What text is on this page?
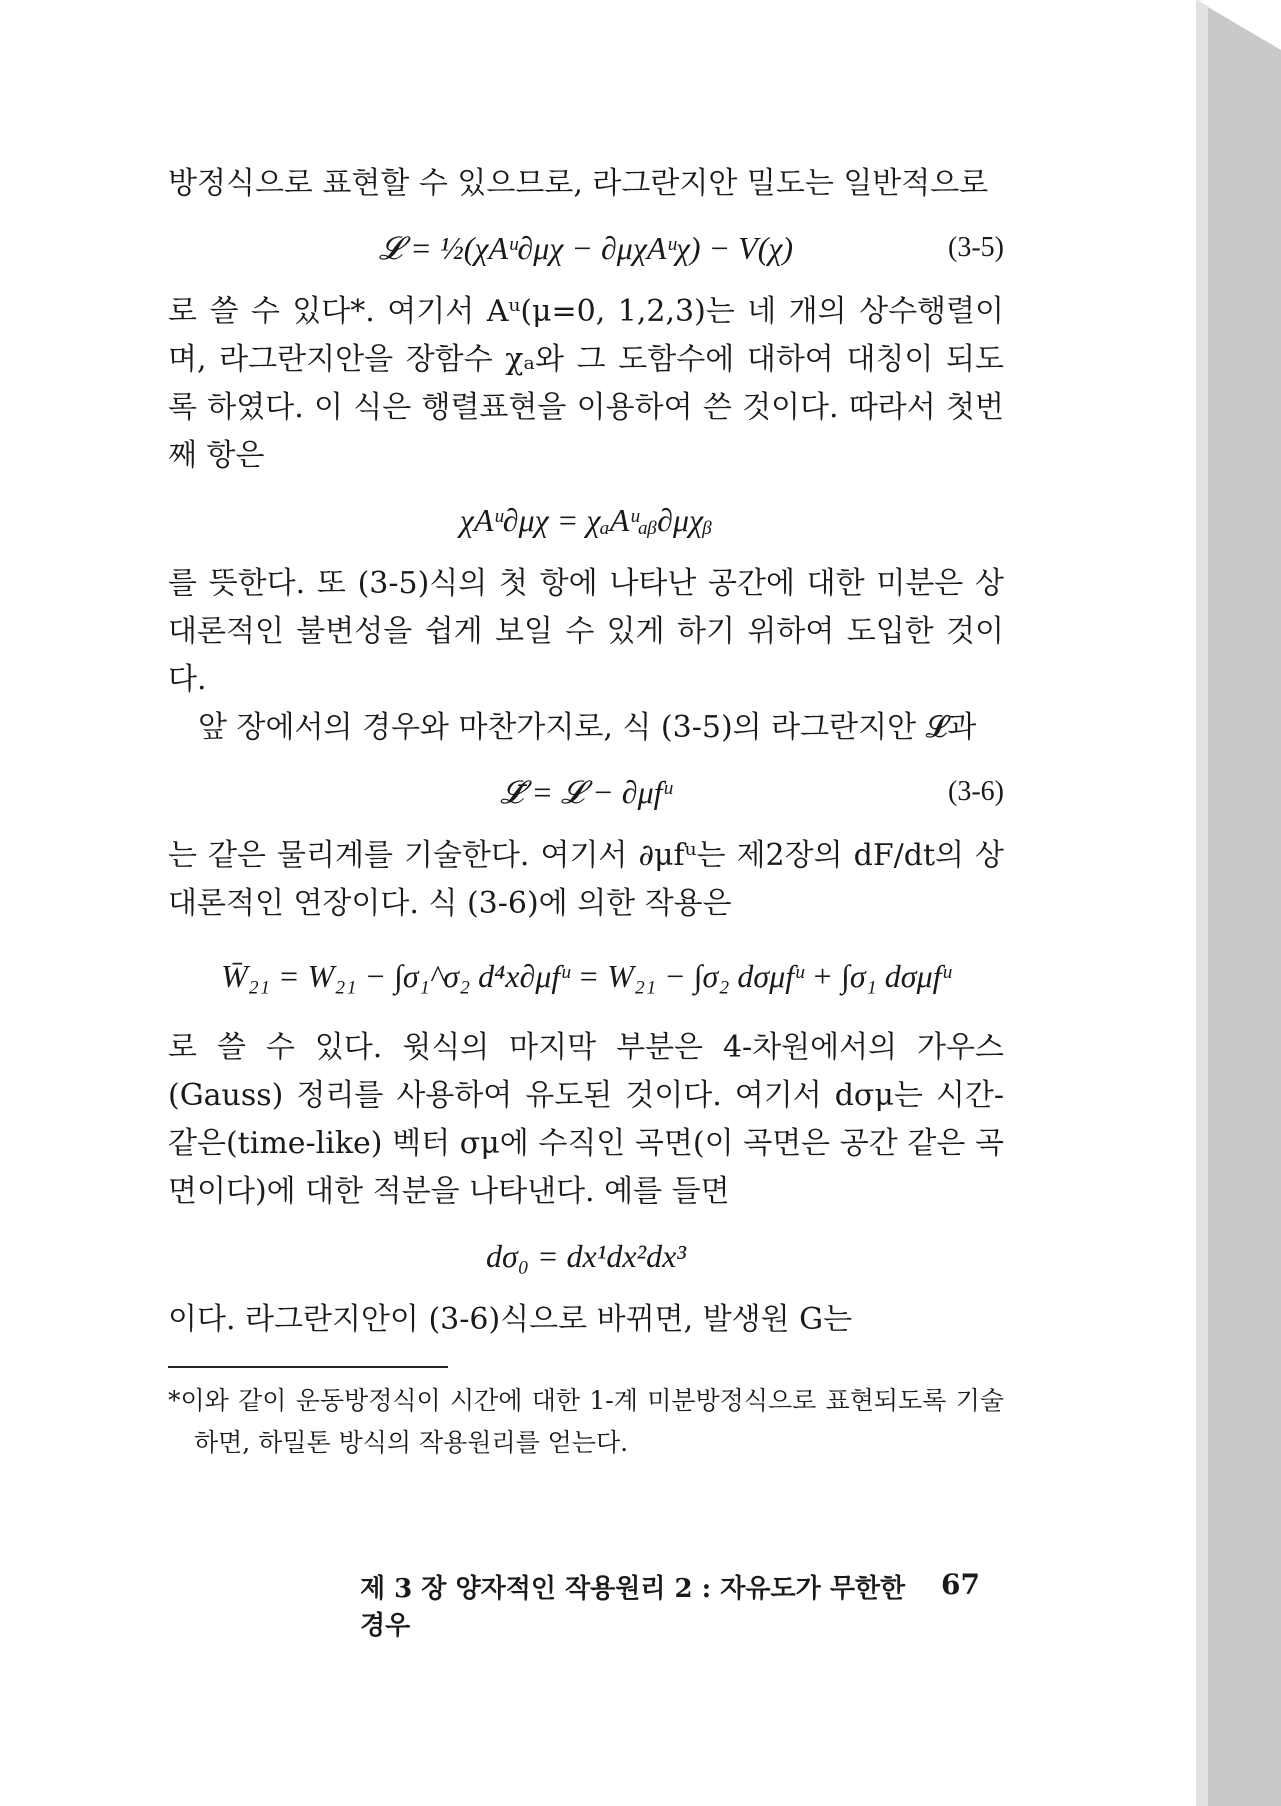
방정식으로 표현할 수 있으므로, 라그란지안 밀도는 일반적으로

𝓛 = ½(χAᵘ∂μχ − ∂μχAᵘχ) − V(χ)	(3-5)

로 쓸 수 있다*. 여기서 Aᵘ(μ=0, 1,2,3)는 네 개의 상수행렬이며, 라그란지안을 장함수 χₐ와 그 도함수에 대하여 대칭이 되도록 하였다. 이 식은 행렬표현을 이용하여 쓴 것이다. 따라서 첫번째 항은

χAᵘ∂μχ = χₐAᵘₐᵦ∂μχᵦ

를 뜻한다. 또 (3-5)식의 첫 항에 나타난 공간에 대한 미분은 상대론적인 불변성을 쉽게 보일 수 있게 하기 위하여 도입한 것이다.

앞 장에서의 경우와 마찬가지로, 식 (3-5)의 라그란지안 𝓛과

𝓛̄ = 𝓛 − ∂μfᵘ	(3-6)

는 같은 물리계를 기술한다. 여기서 ∂μfᵘ는 제2장의 dF/dt의 상대론적인 연장이다. 식 (3-6)에 의한 작용은

W̄₂₁ = W₂₁ − ∫σ₁^σ₂ d⁴x∂μfᵘ = W₂₁ − ∫σ₂ dσμfᵘ + ∫σ₁ dσμfᵘ

로 쓸 수 있다. 윗식의 마지막 부분은 4-차원에서의 가우스(Gauss) 정리를 사용하여 유도된 것이다. 여기서 dσμ는 시간-같은(time-like) 벡터 σμ에 수직인 곡면(이 곡면은 공간 같은 곡면이다)에 대한 적분을 나타낸다. 예를 들면

dσ₀ = dx¹dx²dx³

이다. 라그란지안이 (3-6)식으로 바뀌면, 발생원 G는

*이와 같이 운동방정식이 시간에 대한 1-계 미분방정식으로 표현되도록 기술하면, 하밀톤 방식의 작용원리를 얻는다.

제 3 장 양자적인 작용원리 2 : 자유도가 무한한 경우
67
